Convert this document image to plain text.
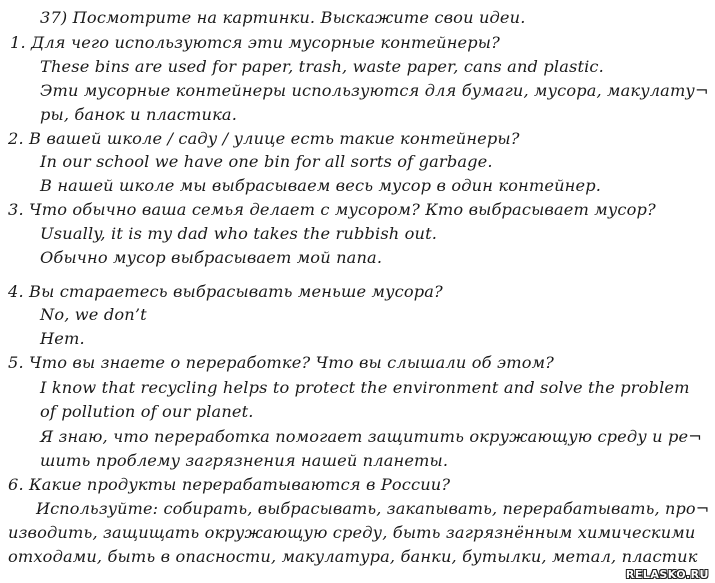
37) Посмотрите на картинки. Выскажите свои идеи.
1. Для чего используются эти мусорные контейнеры?
These bins are used for paper, trash, waste paper, cans and plastic.
Эти мусорные контейнеры используются для бумаги, мусора, макулату¬
ры, банок и пластика.
2. В вашей школе / саду / улице есть такие контейнеры?
In our school we have one bin for all sorts of garbage.
В нашей школе мы выбрасываем весь мусор в один контейнер.
3. Что обычно ваша семья делает с мусором? Кто выбрасывает мусор?
Usually, it is my dad who takes the rubbish out.
Обычно мусор выбрасывает мой папа.
4. Вы стараетесь выбрасывать меньше мусора?
No, we don’t
Нет.
5. Что вы знаете о переработке? Что вы слышали об этом?
I know that recycling helps to protect the environment and solve the problem
of pollution of our planet.
Я знаю, что переработка помогает защитить окружающую среду и ре¬
шить проблему загрязнения нашей планеты.
6. Какие продукты перерабатываются в России?
Используйте: собирать, выбрасывать, закапывать, перерабатывать, про¬
изводить, защищать окружающую среду, быть загрязнённым химическими
отходами, быть в опасности, макулатура, банки, бутылки, метал, пластик
RELASKO.RU
